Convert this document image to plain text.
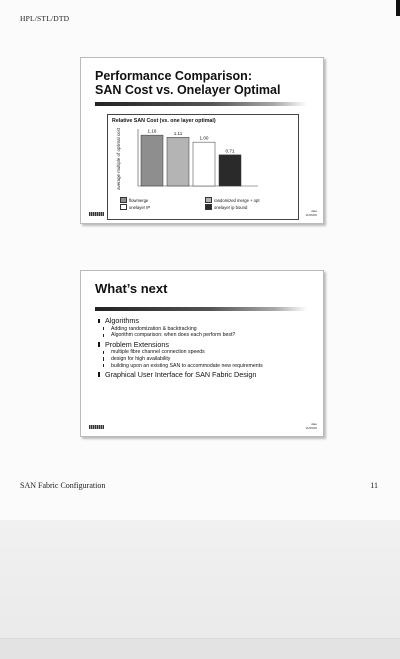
HPL/STL/DTD
Performance Comparison:
SAN Cost vs. Onelayer Optimal
Relative SAN Cost (vs. one layer optimal)
average multiple of optimal cost	1.16	1.11
1.00
0.71
flowmerge	randomized merge + opt
onelayer IP	onelayer ip bound
date
11/09/00
What’s next
Algorithms
Adding randomization & backtracking
Algorithm comparison: when does each perform best?
Problem Extensions
multiple fibre channel connection speeds
design for high availability
building upon an existing SAN to accommodate new requirements
Graphical User Interface for SAN Fabric Design
date
11/09/00
SAN Fabric Configuration	11
